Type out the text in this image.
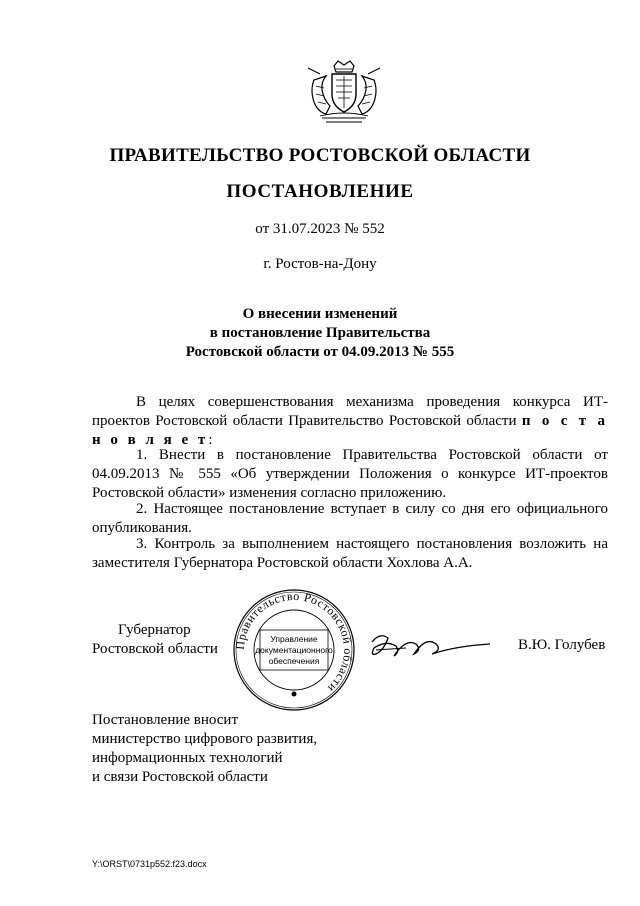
ПРАВИТЕЛЬСТВО РОСТОВСКОЙ ОБЛАСТИ
ПОСТАНОВЛЕНИЕ
от 31.07.2023 № 552
г. Ростов-на-Дону
О внесении изменений
в постановление Правительства
Ростовской области от 04.09.2013 № 555
В целях совершенствования механизма проведения конкурса ИТ-проектов Ростовской области Правительство Ростовской области п о с т а н о в л я е т:
1. Внести в постановление Правительства Ростовской области от 04.09.2013 № 555 «Об утверждении Положения о конкурсе ИТ-проектов Ростовской области» изменения согласно приложению.
2. Настоящее постановление вступает в силу со дня его официального опубликования.
3. Контроль за выполнением настоящего постановления возложить на заместителя Губернатора Ростовской области Хохлова А.А.
Губернатор
Ростовской области Правительство Ростовской области
Управление
документационного
обеспечения
В.Ю. Голубев
Постановление вносит
министерство цифрового развития,
информационных технологий
и связи Ростовской области
Y:\ORST\0731p552.f23.docx
